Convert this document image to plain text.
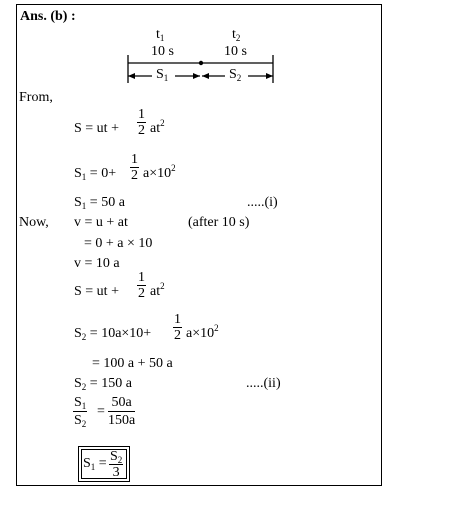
Ans. (b) :
$t_1$	$t_2$
10 s	10 s
$S_1$	$S_2$
From,
S = ut + $\frac{1}{2} at^2$
$S_1 = 0+ \frac{1}{2} a\times 10^2$
$S_1 = 50$ a	.....(i)
Now, v = u + at	(after 10 s)
= 0 + a × 10
v = 10 a
S = ut + $\frac{1}{2} at^2$
$S_2 = 10a\times 10+ \frac{1}{2} a\times 10^2$
= 100 a + 50 a
$S_2 = 150$ a	.....(ii)
$\frac{S_1}{S_2} = \frac{50a}{150a}$
$S_1 = \frac{S_2}{3}$
